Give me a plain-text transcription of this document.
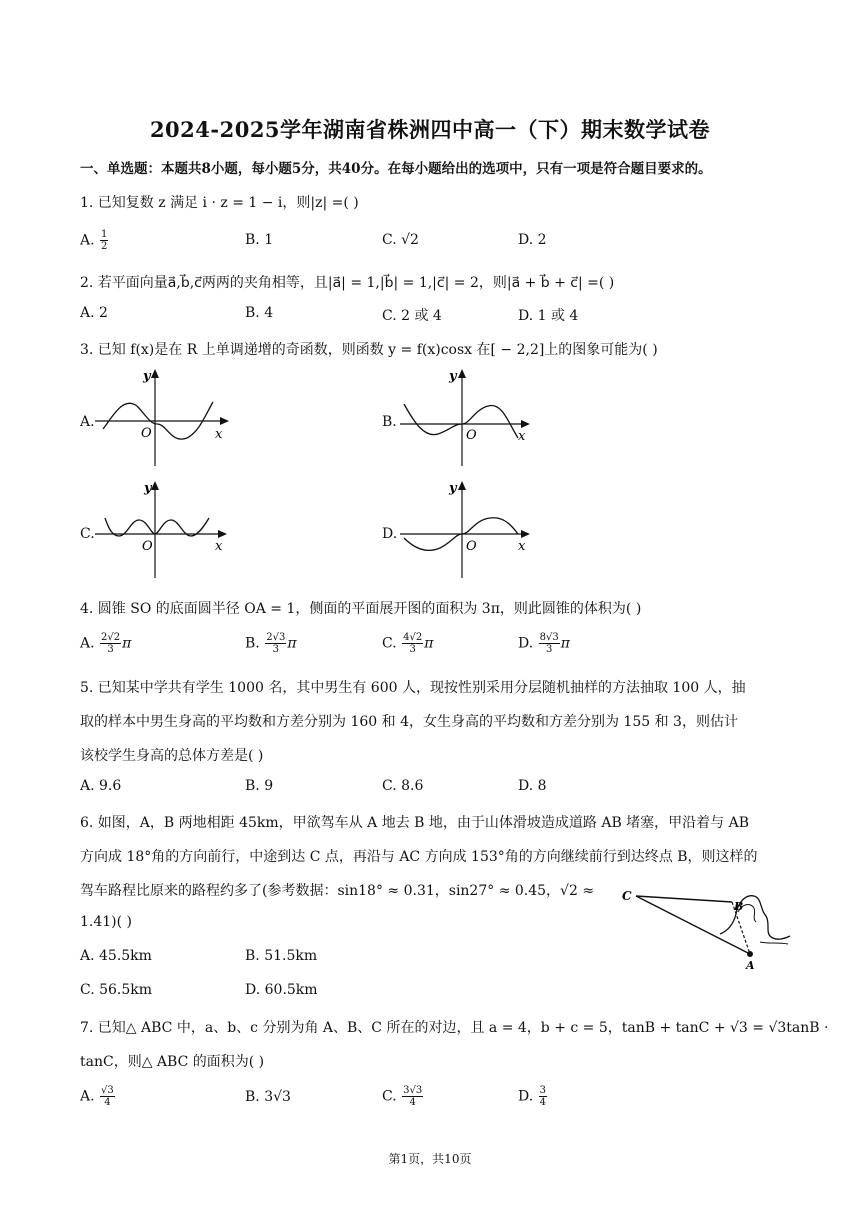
2024-2025学年湖南省株洲四中高一（下）期末数学试卷
一、单选题：本题共8小题，每小题5分，共40分。在每小题给出的选项中，只有一项是符合题目要求的。
1. 已知复数 z 满足 i · z = 1 − i，则|z| =( )
A. $\frac{1}{2}$	B. 1	C. √2	D. 2
2. 若平面向量a⃗,b⃗,c⃗两两的夹角相等，且|a⃗| = 1,|b⃗| = 1,|c⃗| = 2，则|a⃗ + b⃗ + c⃗| =( )
A. 2	B. 4	C. 2 或 4	D. 1 或 4
3. 已知 f(x)是在 R 上单调递增的奇函数，则函数 y = f(x)cosx 在[ − 2,2]上的图象可能为( )
A.	B.
C.	D.
y
x
O
y
x
O
y
x
O
y
x
O
4. 圆锥 SO 的底面圆半径 OA = 1，侧面的平面展开图的面积为 3π，则此圆锥的体积为( )
A. $\frac{2√2}{3}$ π	B. $\frac{2√3}{3}$ π	C. $\frac{4√2}{3}$ π	D. $\frac{8√3}{3}$ π
5. 已知某中学共有学生 1000 名，其中男生有 600 人，现按性别采用分层随机抽样的方法抽取 100 人，抽
取的样本中男生身高的平均数和方差分别为 160 和 4，女生身高的平均数和方差分别为 155 和 3，则估计
该校学生身高的总体方差是( )
A. 9.6	B. 9	C. 8.6	D. 8
6. 如图，A，B 两地相距 45km，甲欲驾车从 A 地去 B 地，由于山体滑坡造成道路 AB 堵塞，甲沿着与 AB
方向成 18°角的方向前行，中途到达 C 点，再沿与 AC 方向成 153°角的方向继续前行到达终点 B，则这样的
驾车路程比原来的路程约多了(参考数据：sin18° ≈ 0.31，sin27° ≈ 0.45，√2 ≈
1.41)( )
A. 45.5km	B. 51.5km
C. 56.5km	D. 60.5km
C
B
A
7. 已知△ ABC 中，a、b、c 分别为角 A、B、C 所在的对边，且 a = 4，b + c = 5，tanB + tanC + √3 = √3tanB ·
tanC，则△ ABC 的面积为( )
A. $\frac{√3}{4}$	B. 3√3	C. $\frac{3√3}{4}$	D. $\frac{3}{4}$
第1页，共10页
